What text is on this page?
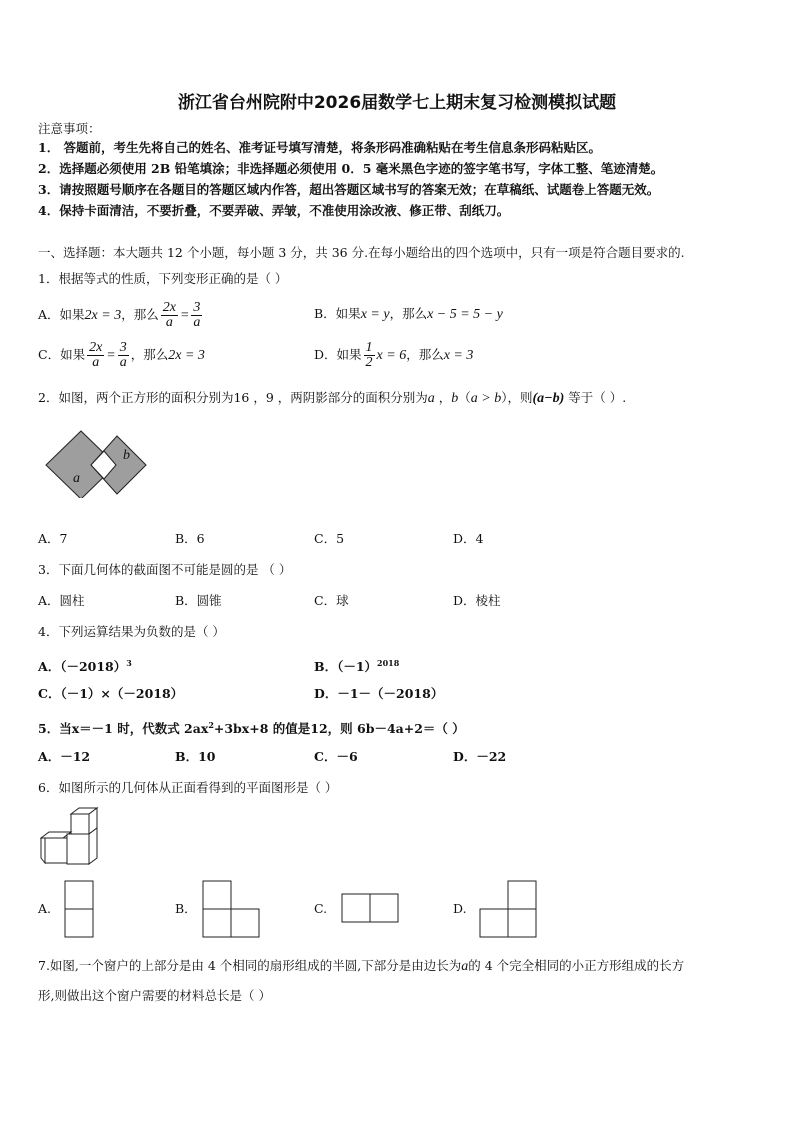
浙江省台州院附中2026届数学七上期末复习检测模拟试题
注意事项：
1． 答题前，考生先将自己的姓名、准考证号填写清楚，将条形码准确粘贴在考生信息条形码粘贴区。
2．选择题必须使用 2B 铅笔填涂；非选择题必须使用 0．5 毫米黑色字迹的签字笔书写，字体工整、笔迹清楚。
3．请按照题号顺序在各题目的答题区域内作答，超出答题区域书写的答案无效；在草稿纸、试题卷上答题无效。
4．保持卡面清洁，不要折叠，不要弄破、弄皱，不准使用涂改液、修正带、刮纸刀。
一、选择题：本大题共 12 个小题，每小题 3 分，共 36 分.在每小题给出的四个选项中，只有一项是符合题目要求的.
1．根据等式的性质，下列变形正确的是（ ）
A．如果2x = 3，那么 $\frac{2x}{a} = \frac{3}{a}$	B．如果x = y，那么x − 5 = 5 − y
C．如果 $\frac{2x}{a} = \frac{3}{a}$ ，那么2x = 3	D．如果 $\frac{1}{2}$ x = 6，那么x = 3
2．如图，两个正方形的面积分别为16 ，9 ，两阴影部分的面积分别为a ，b（a > b），则(a−b) 等于（ ）.
a
b
A．7	B．6	C．5	D．4
3．下面几何体的截面图不可能是圆的是 （ ）
A．圆柱	B．圆锥	C．球	D．棱柱
4．下列运算结果为负数的是（ ）
A．$(-2018)^3$	B．$(-1)^{2018}$
C．（－1）×（－2018）	D．－1－（－2018）
5．当x＝－1 时，代数式 $2ax^2+3bx+8$ 的值是12，则 6b－4a+2＝（ ）
A．－12	B．10	C．－6	D．－22
6．如图所示的几何体从正面看得到的平面图形是（ ）
A.	B．	C.	D.
7.如图,一个窗户的上部分是由 4 个相同的扇形组成的半圆,下部分是由边长为a的 4 个完全相同的小正方形组成的长方
形,则做出这个窗户需要的材料总长是（ ）
